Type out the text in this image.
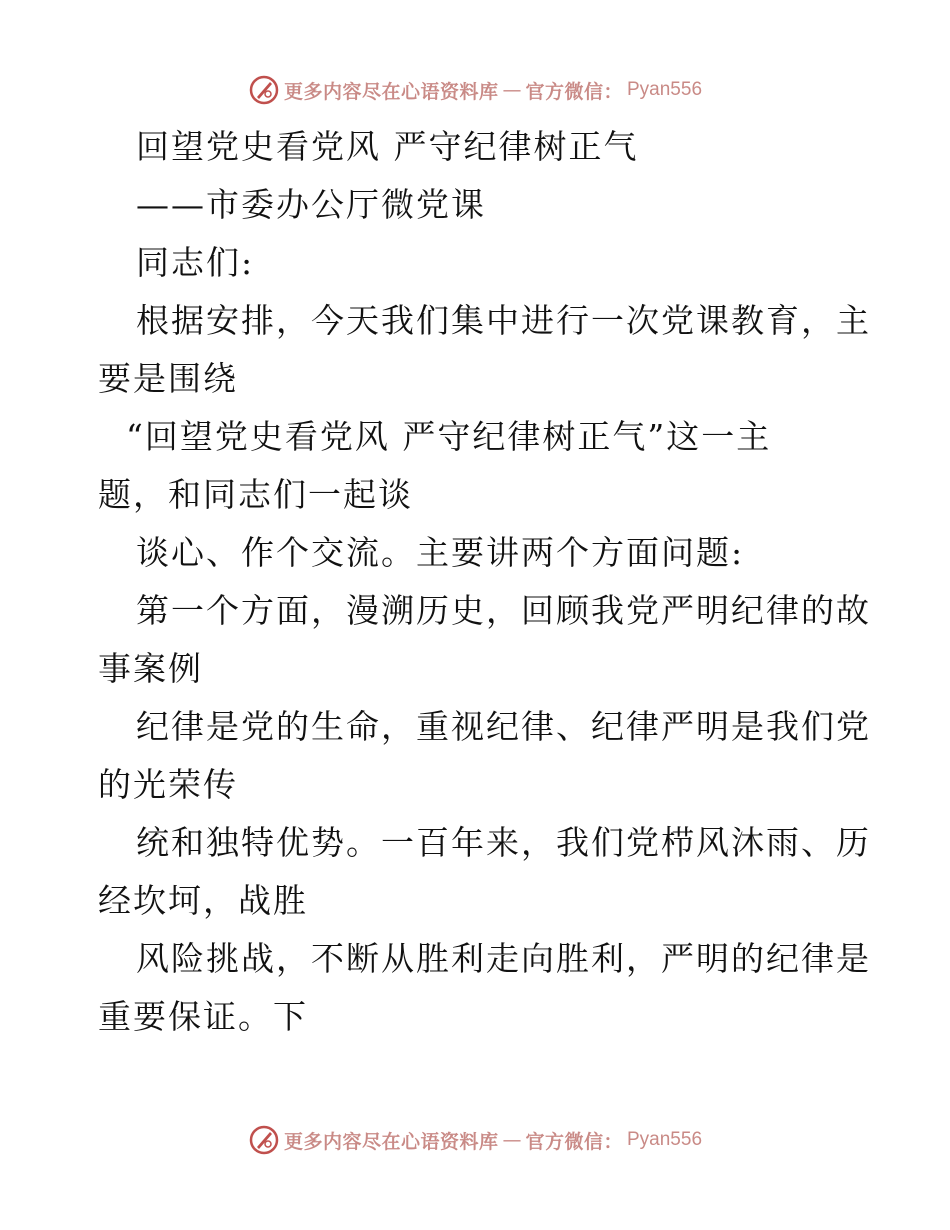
更多内容尽在心语资料库 — 官方微信： Pyan556
回望党史看党风 严守纪律树正气
——市委办公厅微党课
同志们:
根据安排，今天我们集中进行一次党课教育，主
要是围绕
“回望党史看党风 严守纪律树正气”这一主
题，和同志们一起谈
谈心、作个交流。主要讲两个方面问题:
第一个方面，漫溯历史，回顾我党严明纪律的故
事案例
纪律是党的生命，重视纪律、纪律严明是我们党
的光荣传
统和独特优势。一百年来，我们党栉风沐雨、历
经坎坷，战胜
风险挑战，不断从胜利走向胜利，严明的纪律是
重要保证。下
更多内容尽在心语资料库 — 官方微信： Pyan556
